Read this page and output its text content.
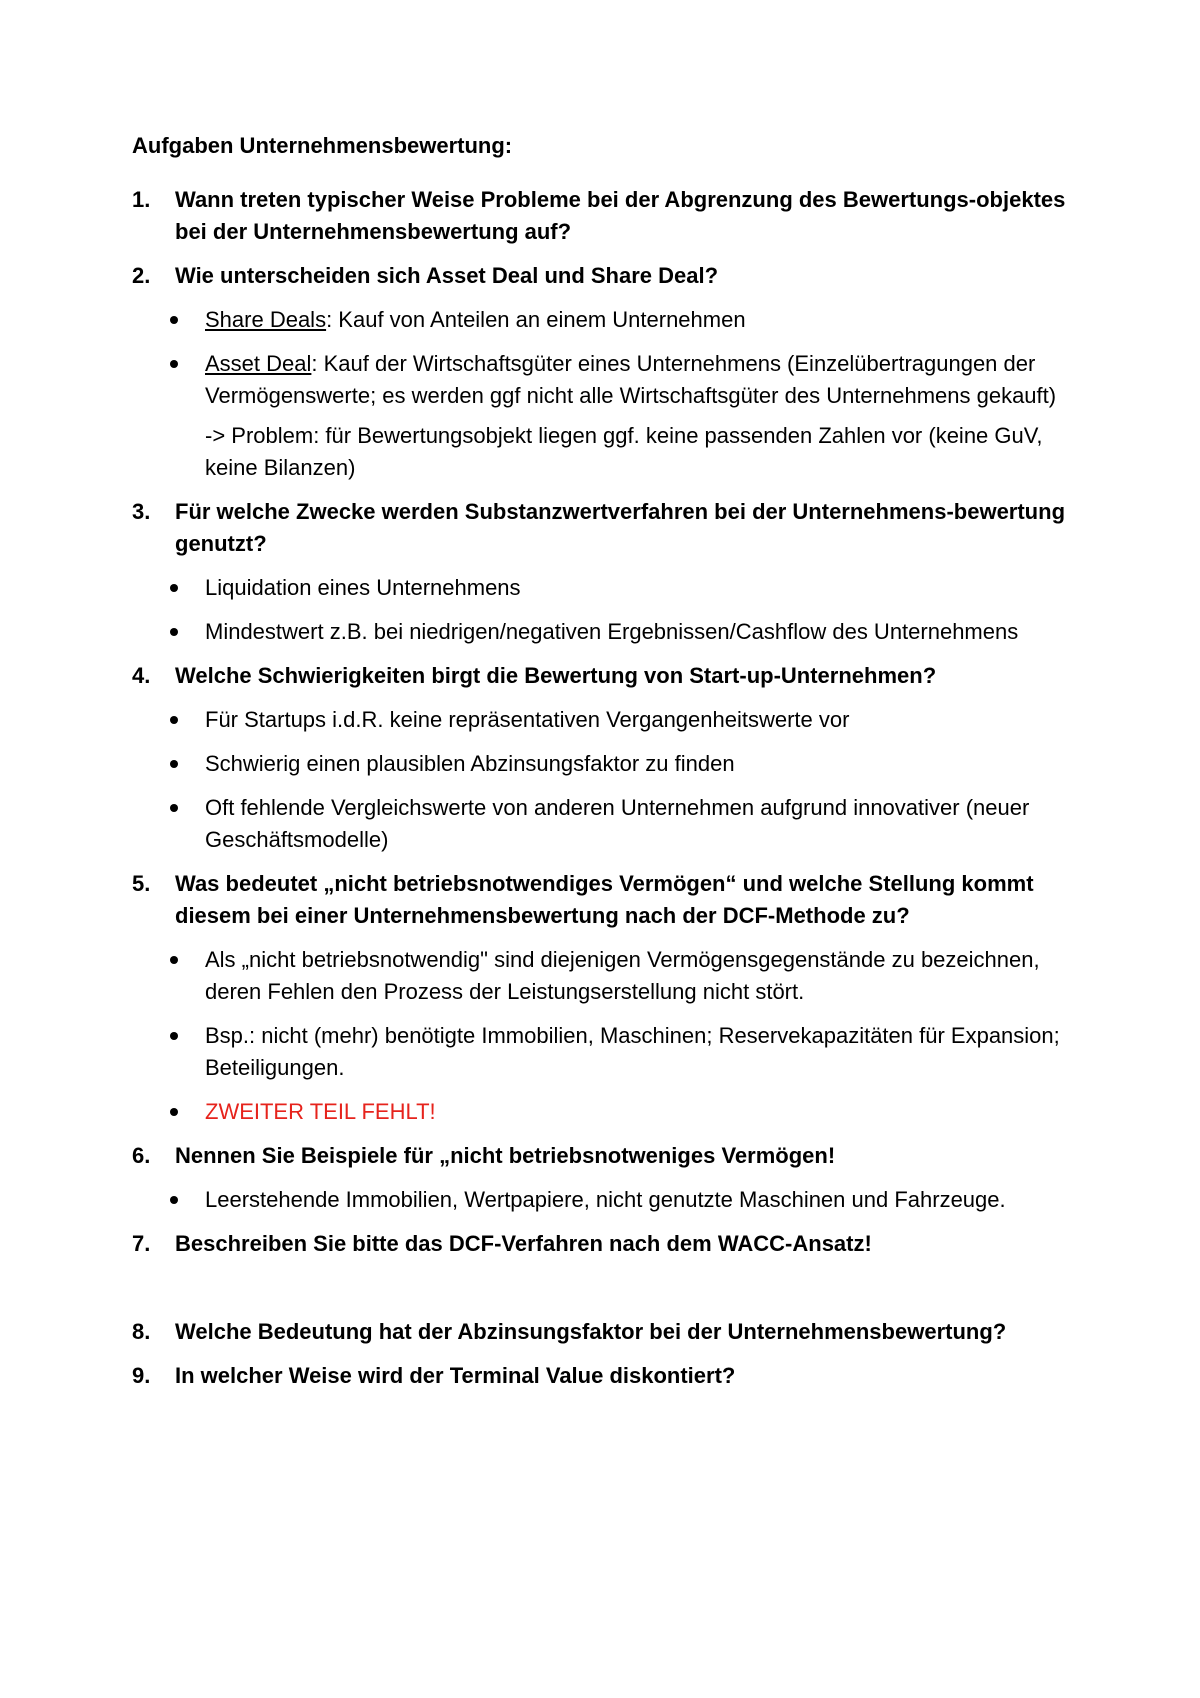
Aufgaben Unternehmensbewertung:
1. Wann treten typischer Weise Probleme bei der Abgrenzung des Bewertungs-objektes bei der Unternehmensbewertung auf?
2. Wie unterscheiden sich Asset Deal und Share Deal?
Share Deals: Kauf von Anteilen an einem Unternehmen
Asset Deal: Kauf der Wirtschaftsgüter eines Unternehmens (Einzelübertragungen der Vermögenswerte; es werden ggf nicht alle Wirtschaftsgüter des Unternehmens gekauft)
-> Problem: für Bewertungsobjekt liegen ggf. keine passenden Zahlen vor (keine GuV, keine Bilanzen)
3. Für welche Zwecke werden Substanzwertverfahren bei der Unternehmens-bewertung genutzt?
Liquidation eines Unternehmens
Mindestwert z.B. bei niedrigen/negativen Ergebnissen/Cashflow des Unternehmens
4. Welche Schwierigkeiten birgt die Bewertung von Start-up-Unternehmen?
Für Startups i.d.R. keine repräsentativen Vergangenheitswerte vor
Schwierig einen plausiblen Abzinsungsfaktor zu finden
Oft fehlende Vergleichswerte von anderen Unternehmen aufgrund innovativer (neuer Geschäftsmodelle)
5. Was bedeutet „nicht betriebsnotwendiges Vermögen“ und welche Stellung kommt diesem bei einer Unternehmensbewertung nach der DCF-Methode zu?
Als „nicht betriebsnotwendig" sind diejenigen Vermögensgegenstände zu bezeichnen, deren Fehlen den Prozess der Leistungserstellung nicht stört.
Bsp.: nicht (mehr) benötigte Immobilien, Maschinen; Reservekapazitäten für Expansion; Beteiligungen.
ZWEITER TEIL FEHLT!
6. Nennen Sie Beispiele für „nicht betriebsnotweniges Vermögen!
Leerstehende Immobilien, Wertpapiere, nicht genutzte Maschinen und Fahrzeuge.
7. Beschreiben Sie bitte das DCF-Verfahren nach dem WACC-Ansatz!
8. Welche Bedeutung hat der Abzinsungsfaktor bei der Unternehmensbewertung?
9. In welcher Weise wird der Terminal Value diskontiert?
